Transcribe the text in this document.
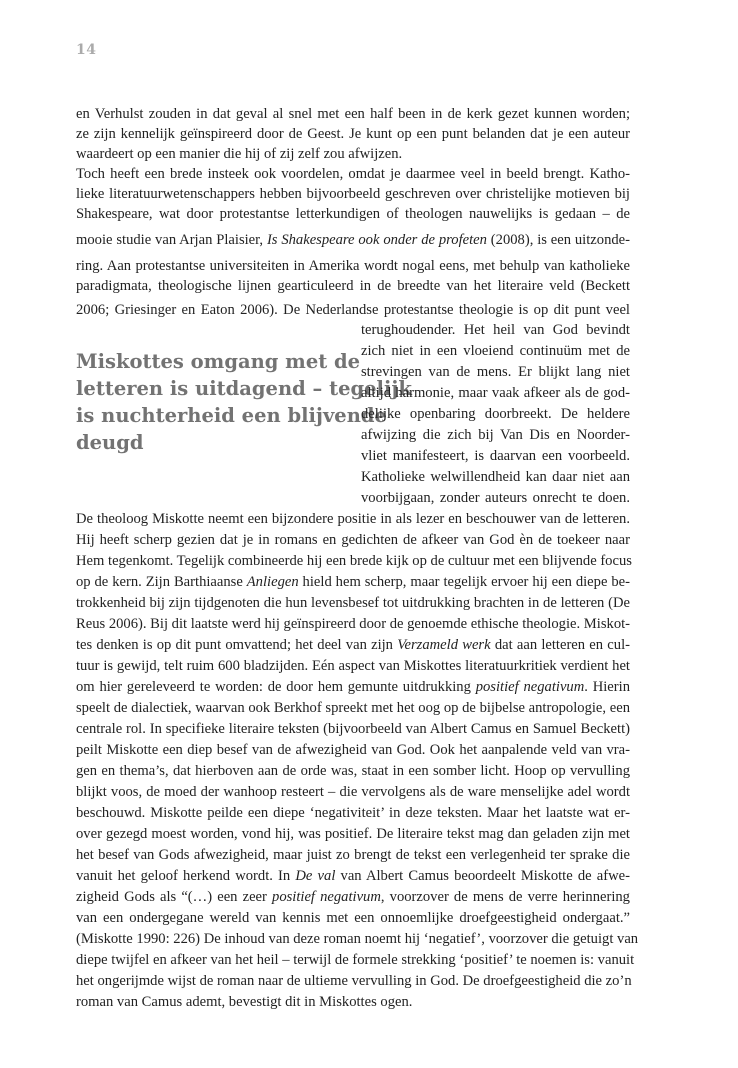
14
en Verhulst zouden in dat geval al snel met een half been in de kerk gezet kunnen worden;
ze zijn kennelijk geïnspireerd door de Geest. Je kunt op een punt belanden dat je een auteur
waardeert op een manier die hij of zij zelf zou afwijzen.
Toch heeft een brede insteek ook voordelen, omdat je daarmee veel in beeld brengt. Katho-
lieke literatuurwetenschappers hebben bijvoorbeeld geschreven over christelijke motieven bij
Shakespeare, wat door protestantse letterkundigen of theologen nauwelijks is gedaan – de
mooie studie van Arjan Plaisier, Is Shakespeare ook onder de profeten (2008), is een uitzonde-
ring. Aan protestantse universiteiten in Amerika wordt nogal eens, met behulp van katholieke
paradigmata, theologische lijnen gearticuleerd in de breedte van het literaire veld (Beckett
2006; Griesinger en Eaton 2006). De Nederlandse protestantse theologie is op dit punt veel
Miskottes omgang met de
letteren is uitdagend – tegelijk
is nuchterheid een blijvende
deugd
terughoudender. Het heil van God bevindt
zich niet in een vloeiend continuüm met de
strevingen van de mens. Er blijkt lang niet
altijd harmonie, maar vaak afkeer als de god-
delijke openbaring doorbreekt. De heldere
afwijzing die zich bij Van Dis en Noorder-
vliet manifesteert, is daarvan een voorbeeld.
Katholieke welwillendheid kan daar niet aan
voorbijgaan, zonder auteurs onrecht te doen.
De theoloog Miskotte neemt een bijzondere positie in als lezer en beschouwer van de letteren.
Hij heeft scherp gezien dat je in romans en gedichten de afkeer van God èn de toekeer naar
Hem tegenkomt. Tegelijk combineerde hij een brede kijk op de cultuur met een blijvende focus
op de kern. Zijn Barthiaanse Anliegen hield hem scherp, maar tegelijk ervoer hij een diepe be-
trokkenheid bij zijn tijdgenoten die hun levensbesef tot uitdrukking brachten in de letteren (De
Reus 2006). Bij dit laatste werd hij geïnspireerd door de genoemde ethische theologie. Miskot-
tes denken is op dit punt omvattend; het deel van zijn Verzameld werk dat aan letteren en cul-
tuur is gewijd, telt ruim 600 bladzijden. Eén aspect van Miskottes literatuurkritiek verdient het
om hier gereleveerd te worden: de door hem gemunte uitdrukking positief negativum. Hierin
speelt de dialectiek, waarvan ook Berkhof spreekt met het oog op de bijbelse antropologie, een
centrale rol. In specifieke literaire teksten (bijvoorbeeld van Albert Camus en Samuel Beckett)
peilt Miskotte een diep besef van de afwezigheid van God. Ook het aanpalende veld van vra-
gen en thema’s, dat hierboven aan de orde was, staat in een somber licht. Hoop op vervulling
blijkt voos, de moed der wanhoop resteert – die vervolgens als de ware menselijke adel wordt
beschouwd. Miskotte peilde een diepe ‘negativiteit’ in deze teksten. Maar het laatste wat er-
over gezegd moest worden, vond hij, was positief. De literaire tekst mag dan geladen zijn met
het besef van Gods afwezigheid, maar juist zo brengt de tekst een verlegenheid ter sprake die
vanuit het geloof herkend wordt. In De val van Albert Camus beoordeelt Miskotte de afwe-
zigheid Gods als “(…) een zeer positief negativum, voorzover de mens de verre herinnering
van een ondergegane wereld van kennis met een onnoemlijke droefgeestigheid ondergaat.”
(Miskotte 1990: 226) De inhoud van deze roman noemt hij ‘negatief’, voorzover die getuigt van
diepe twijfel en afkeer van het heil – terwijl de formele strekking ‘positief’ te noemen is: vanuit
het ongerijmde wijst de roman naar de ultieme vervulling in God. De droefgeestigheid die zo’n
roman van Camus ademt, bevestigt dit in Miskottes ogen.
